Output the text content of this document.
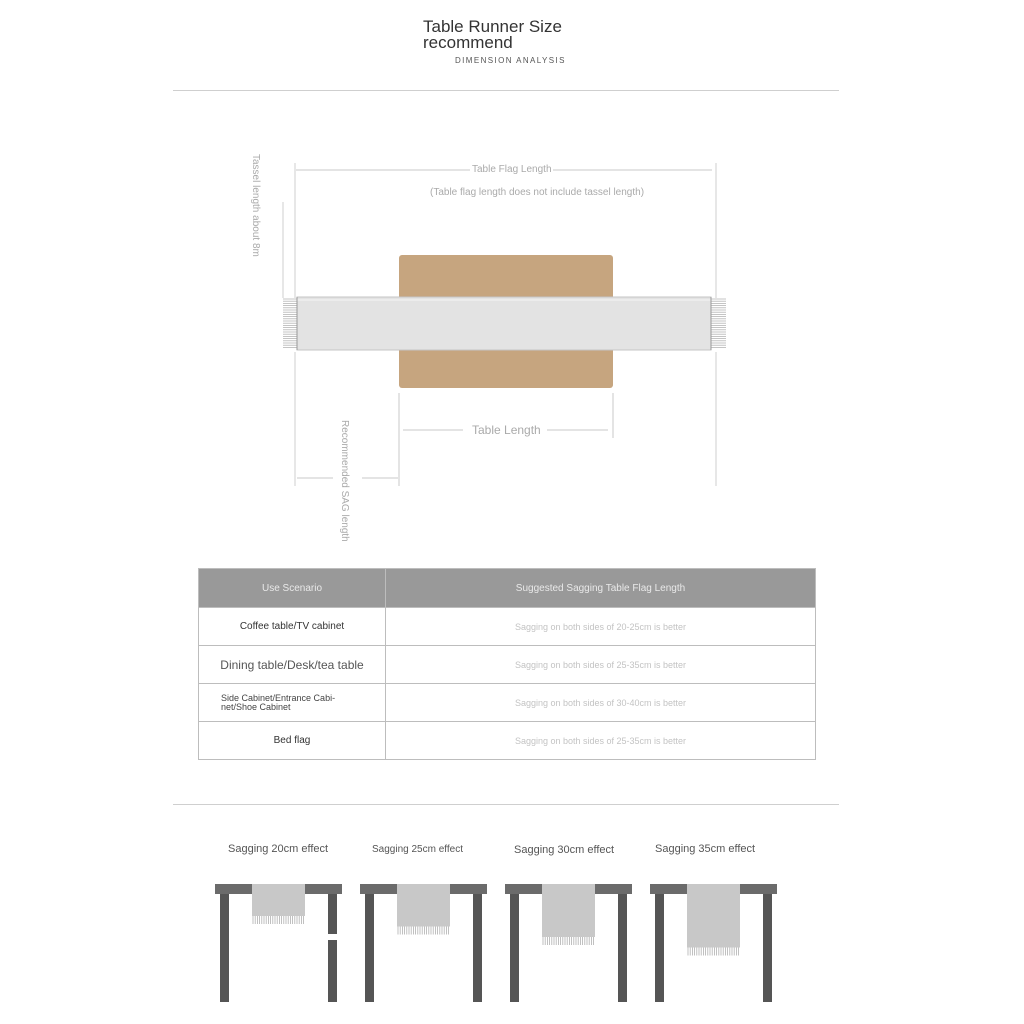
Table Runner Size recommend
DIMENSION ANALYSIS
Table Flag Length
(Table flag length does not include tassel length)
Tassel length about 8m
Table Length
Recommended SAG length
Use Scenario	Suggested Sagging Table Flag Length
Coffee table/TV cabinet	Sagging on both sides of 20-25cm is better
Dining table/Desk/tea table	Sagging on both sides of 25-35cm is better

Side Cabinet/Entrance Cabi-net/Shoe Cabinet	Sagging on both sides of 30-40cm is better
Bed flag	Sagging on both sides of 25-35cm is better
Sagging 20cm effect	Sagging 25cm effect	Sagging 30cm effect	Sagging 35cm effect
